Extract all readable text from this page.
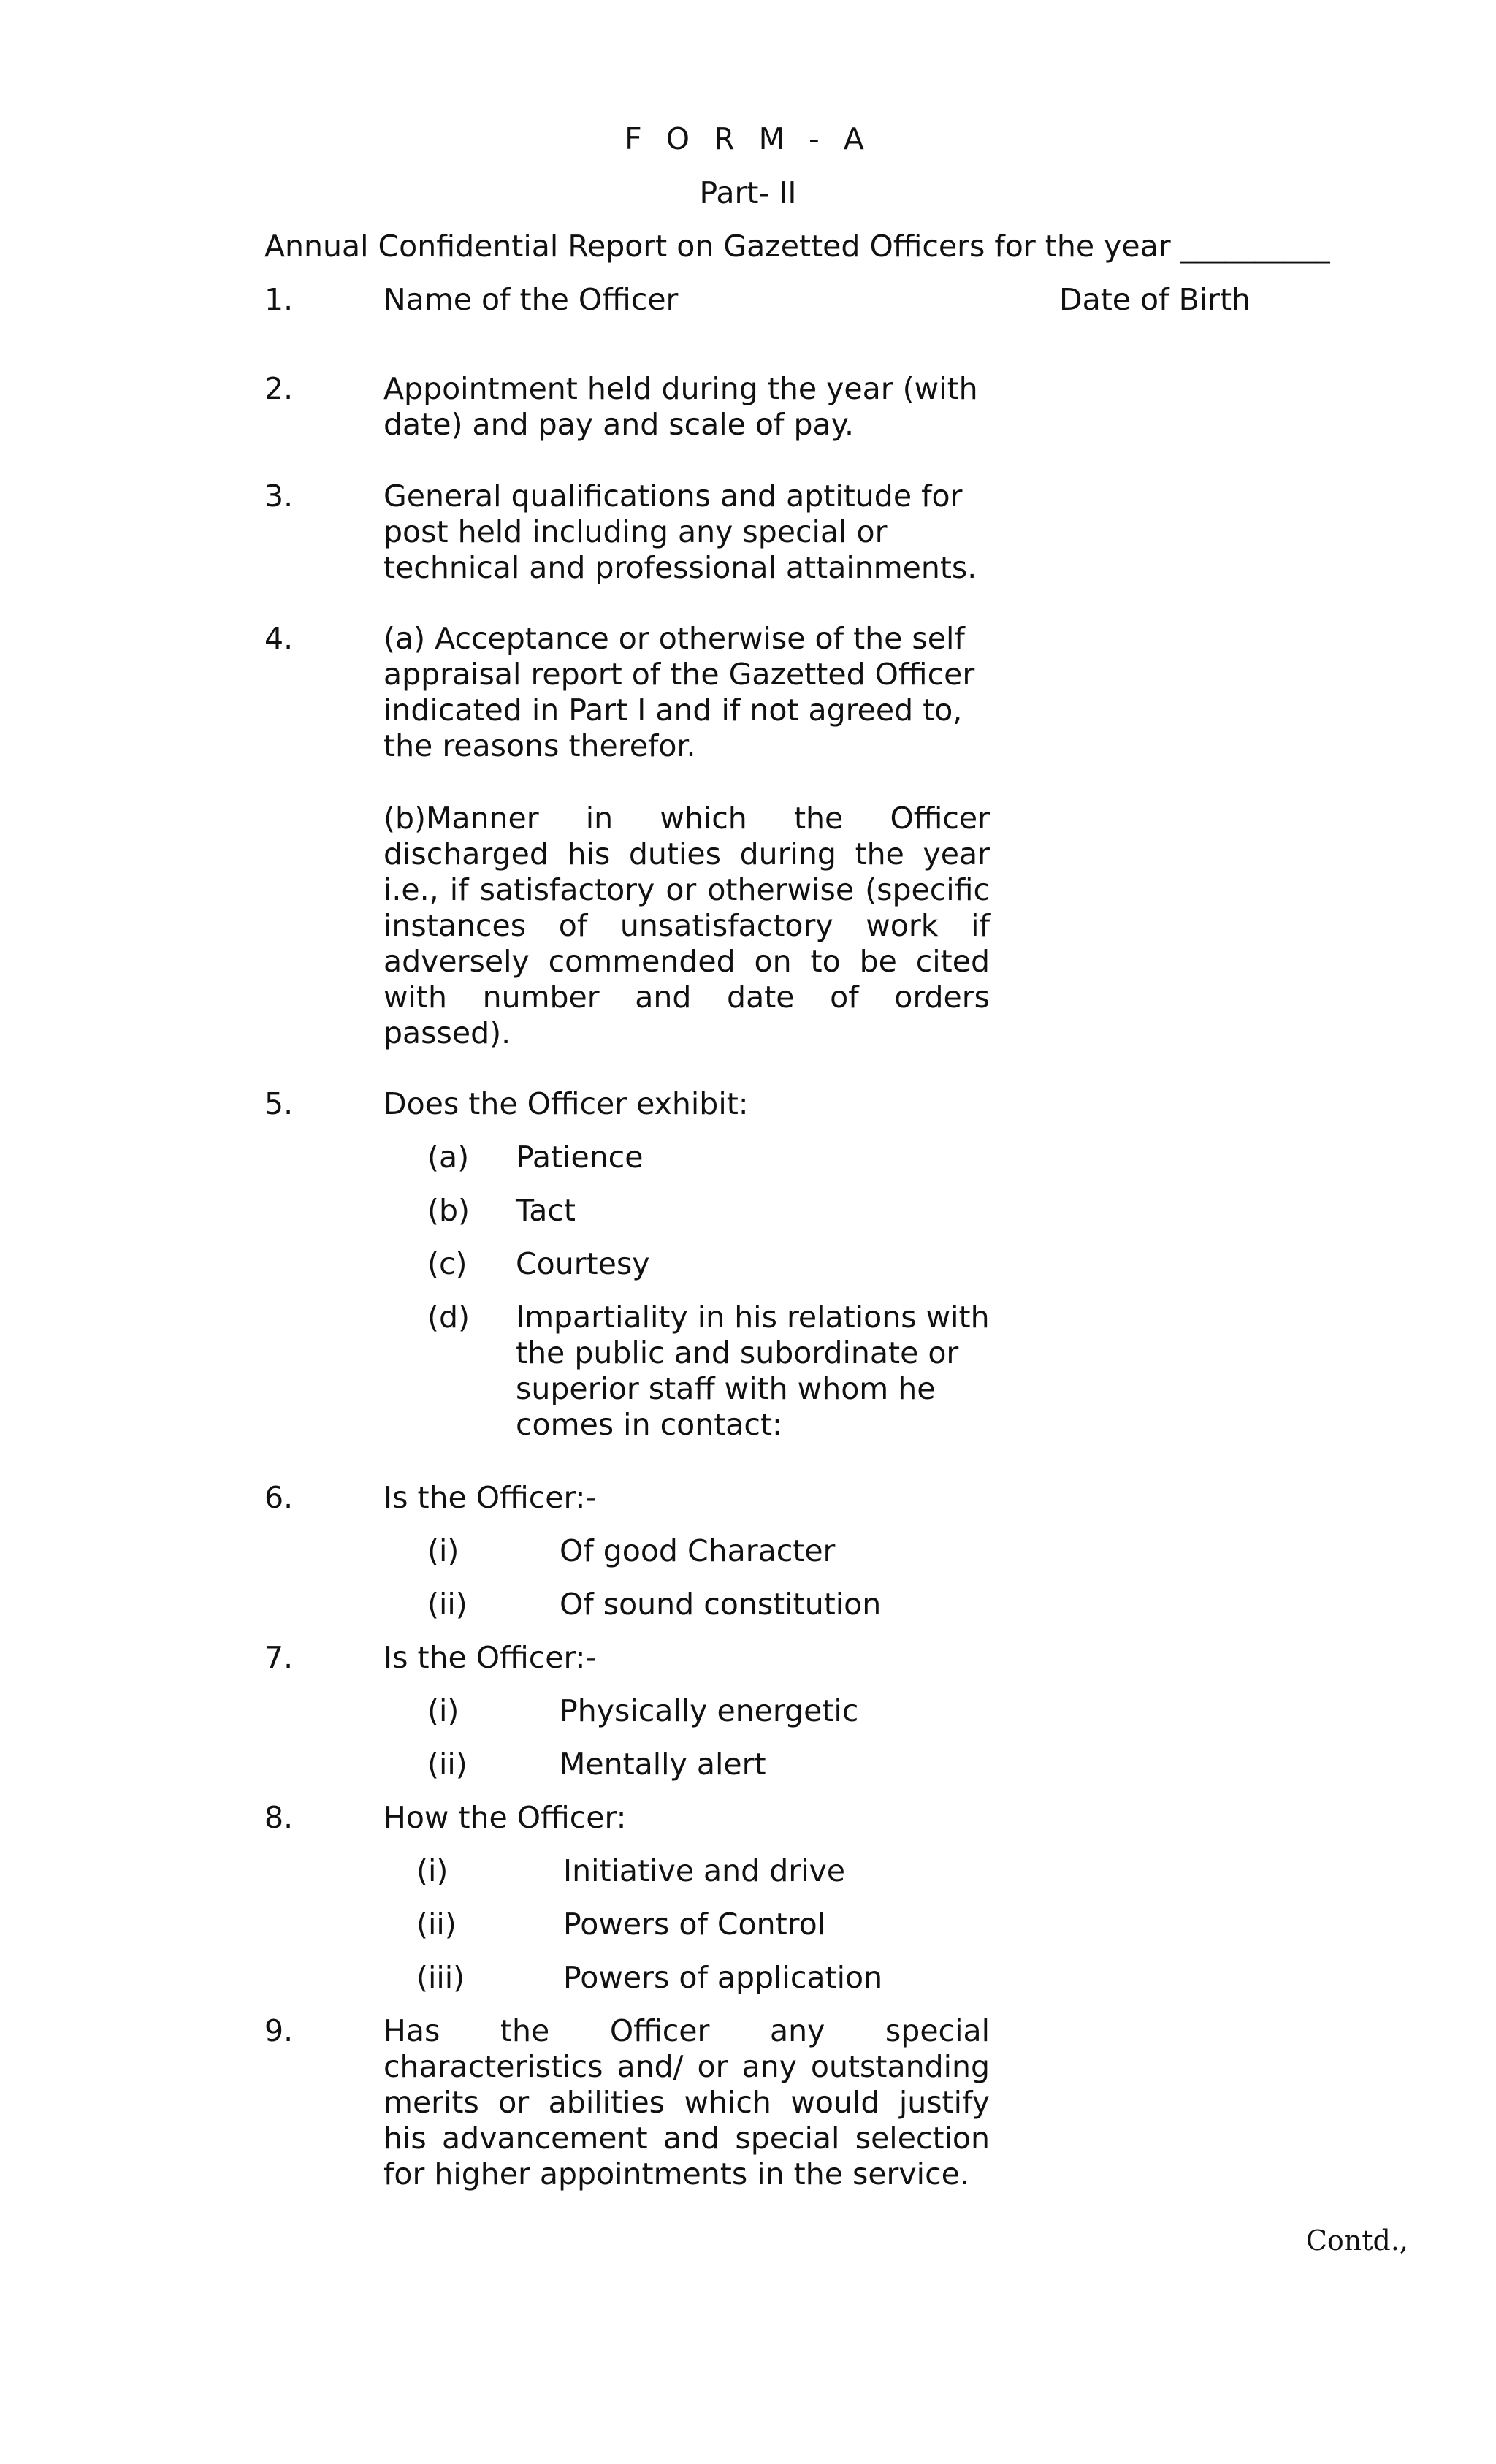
F O R M - A

Part- II

Annual Confidential Report on Gazetted Officers for the year __________

1.	Name of the Officer	Date of Birth

2.	Appointment held during the year (with date) and pay and scale of pay.

3.	General qualifications and aptitude for post held including any special or technical and professional attainments.

4.	(a) Acceptance or otherwise of the self appraisal report of the Gazetted Officer indicated in Part I and if not agreed to, the reasons therefor.

(b)Manner in which the Officer discharged his duties during the year i.e., if satisfactory or otherwise (specific instances of unsatisfactory work if adversely commended on to be cited with number and date of orders passed).

5.	Does the Officer exhibit:

(a) Patience

(b) Tact

(c) Courtesy

(d) Impartiality in his relations with the public and subordinate or superior staff with whom he comes in contact:

6.	Is the Officer:-

(i)	Of good Character

(ii)	Of sound constitution

7.	Is the Officer:-

(i)	Physically energetic

(ii)	Mentally alert

8.	How the Officer:

(i)	Initiative and drive

(ii)	Powers of Control

(iii)	Powers of application

9.	Has the Officer any special characteristics and/ or any outstanding merits or abilities which would justify his advancement and special selection for higher appointments in the service.

Contd.,
